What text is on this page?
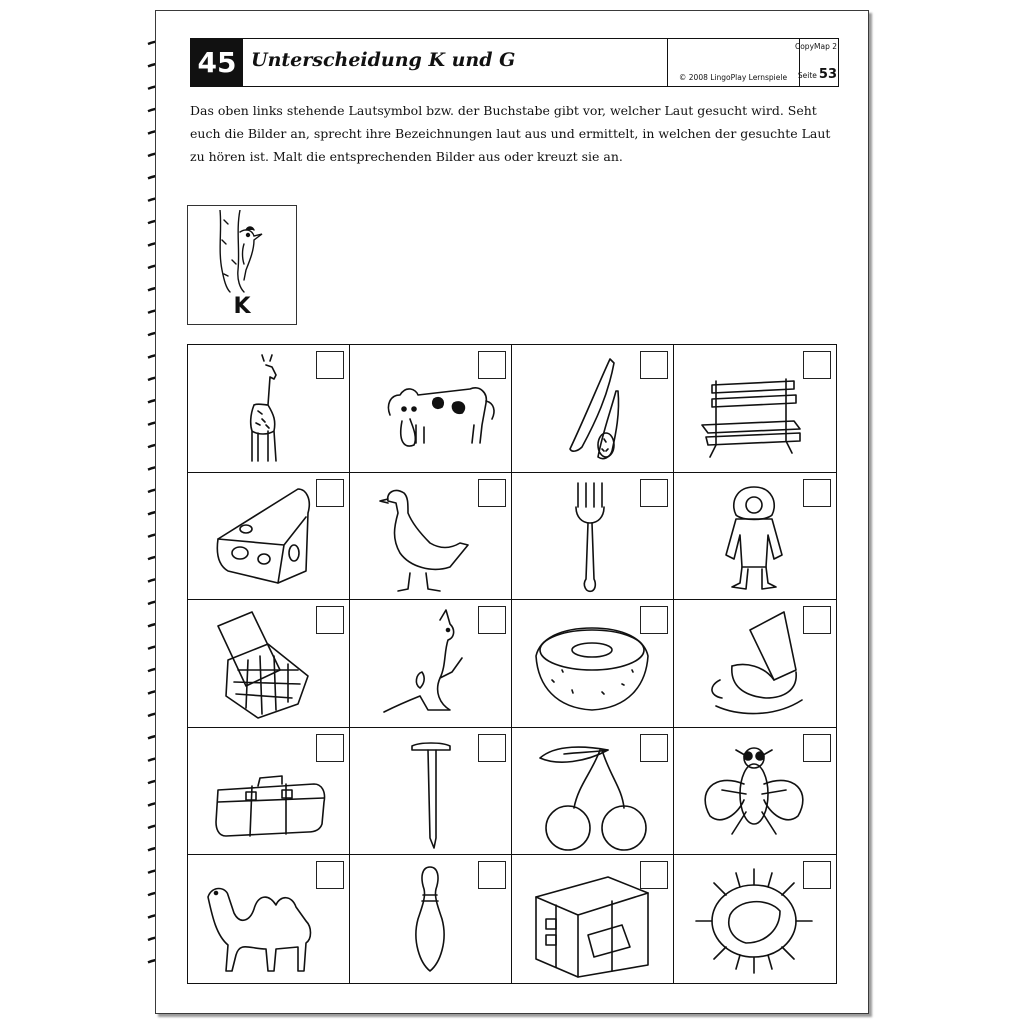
45 Unterscheidung K und G
© 2008 LingoPlay Lernspiele
CopyMap 2
Seite 53
Das oben links stehende Lautsymbol bzw. der Buchstabe gibt vor, welcher Laut gesucht wird. Seht euch die Bilder an, sprecht ihre Bezeichnungen laut aus und ermittelt, in welchen der gesuchte Laut zu hören ist. Malt die entsprechenden Bilder aus oder kreuzt sie an.
K
